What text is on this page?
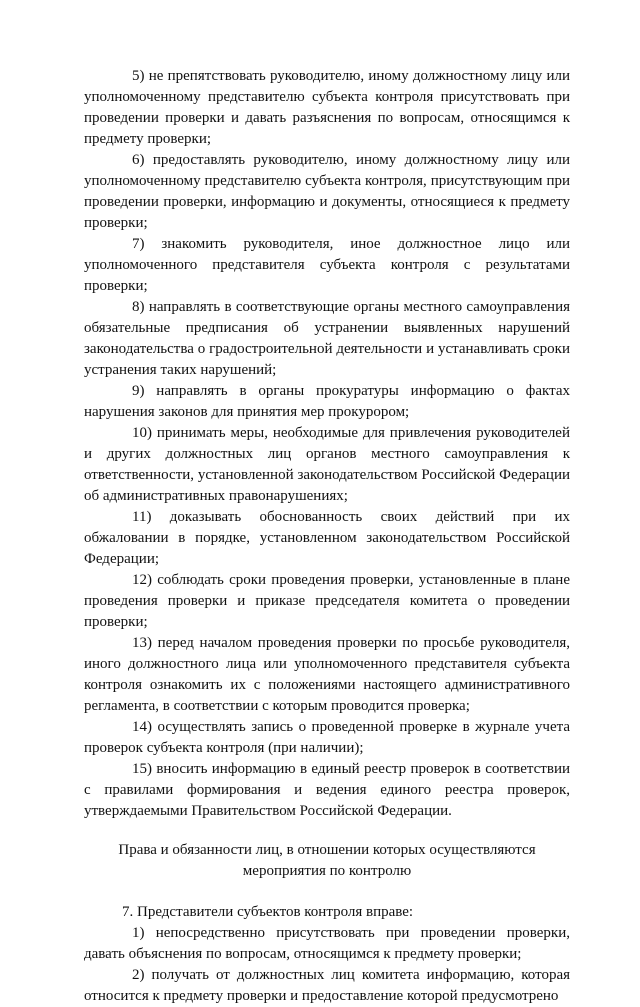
5) не препятствовать руководителю, иному должностному лицу или уполномоченному представителю субъекта контроля присутствовать при проведении проверки и давать разъяснения по вопросам, относящимся к предмету проверки;

6) предоставлять руководителю, иному должностному лицу или уполномоченному представителю субъекта контроля, присутствующим при проведении проверки, информацию и документы, относящиеся к предмету проверки;

7) знакомить руководителя, иное должностное лицо или уполномоченного представителя субъекта контроля с результатами проверки;

8) направлять в соответствующие органы местного самоуправления обязательные предписания об устранении выявленных нарушений законодательства о градостроительной деятельности и устанавливать сроки устранения таких нарушений;

9) направлять в органы прокуратуры информацию о фактах нарушения законов для принятия мер прокурором;

10) принимать меры, необходимые для привлечения руководителей и других должностных лиц органов местного самоуправления к ответственности, установленной законодательством Российской Федерации об административных правонарушениях;

11) доказывать обоснованность своих действий при их обжаловании в порядке, установленном законодательством Российской Федерации;

12) соблюдать сроки проведения проверки, установленные в плане проведения проверки и приказе председателя комитета о проведении проверки;

13) перед началом проведения проверки по просьбе руководителя, иного должностного лица или уполномоченного представителя субъекта контроля ознакомить их с положениями настоящего административного регламента, в соответствии с которым проводится проверка;

14) осуществлять запись о проведенной проверке в журнале учета проверок субъекта контроля (при наличии);

15) вносить информацию в единый реестр проверок в соответствии с правилами формирования и ведения единого реестра проверок, утверждаемыми Правительством Российской Федерации.

Права и обязанности лиц, в отношении которых осуществляются мероприятия по контролю

7. Представители субъектов контроля вправе:

1) непосредственно присутствовать при проведении проверки, давать объяснения по вопросам, относящимся к предмету проверки;

2) получать от должностных лиц комитета информацию, которая относится к предмету проверки и предоставление которой предусмотрено
